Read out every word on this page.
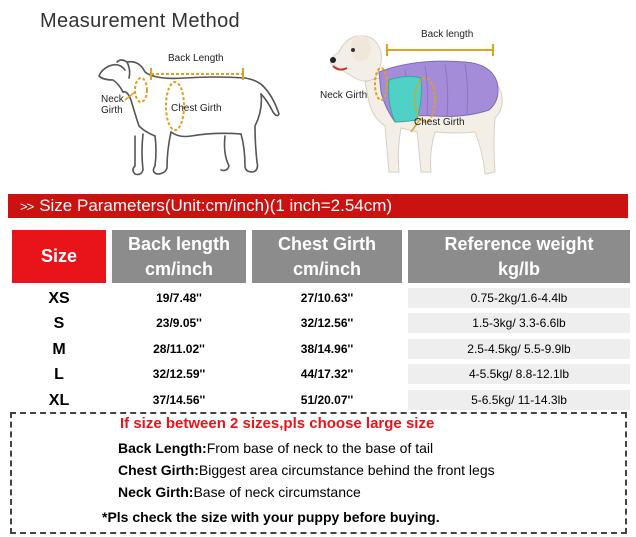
Measurement Method
Back Length
Neck
Girth	Chest Girth
Back length
Neck Girth
Chest Girth
>> Size Parameters(Unit:cm/inch)(1 inch=2.54cm)
Size
Back length
cm/inch
Chest Girth
cm/inch
Reference weight
kg/lb
XS	19/7.48''	27/10.63''	0.75-2kg/1.6-4.4lb
S	23/9.05''	32/12.56''	1.5-3kg/ 3.3-6.6lb
M	28/11.02''	38/14.96''	2.5-4.5kg/ 5.5-9.9lb
L	32/12.59''	44/17.32''	4-5.5kg/ 8.8-12.1lb
XL	37/14.56''	51/20.07''	5-6.5kg/ 11-14.3lb
If size between 2 sizes,pls choose large size
Back Length:From base of neck to the base of tail
Chest Girth:Biggest area circumstance behind the front legs
Neck Girth:Base of neck circumstance
*Pls check the size with your puppy before buying.
